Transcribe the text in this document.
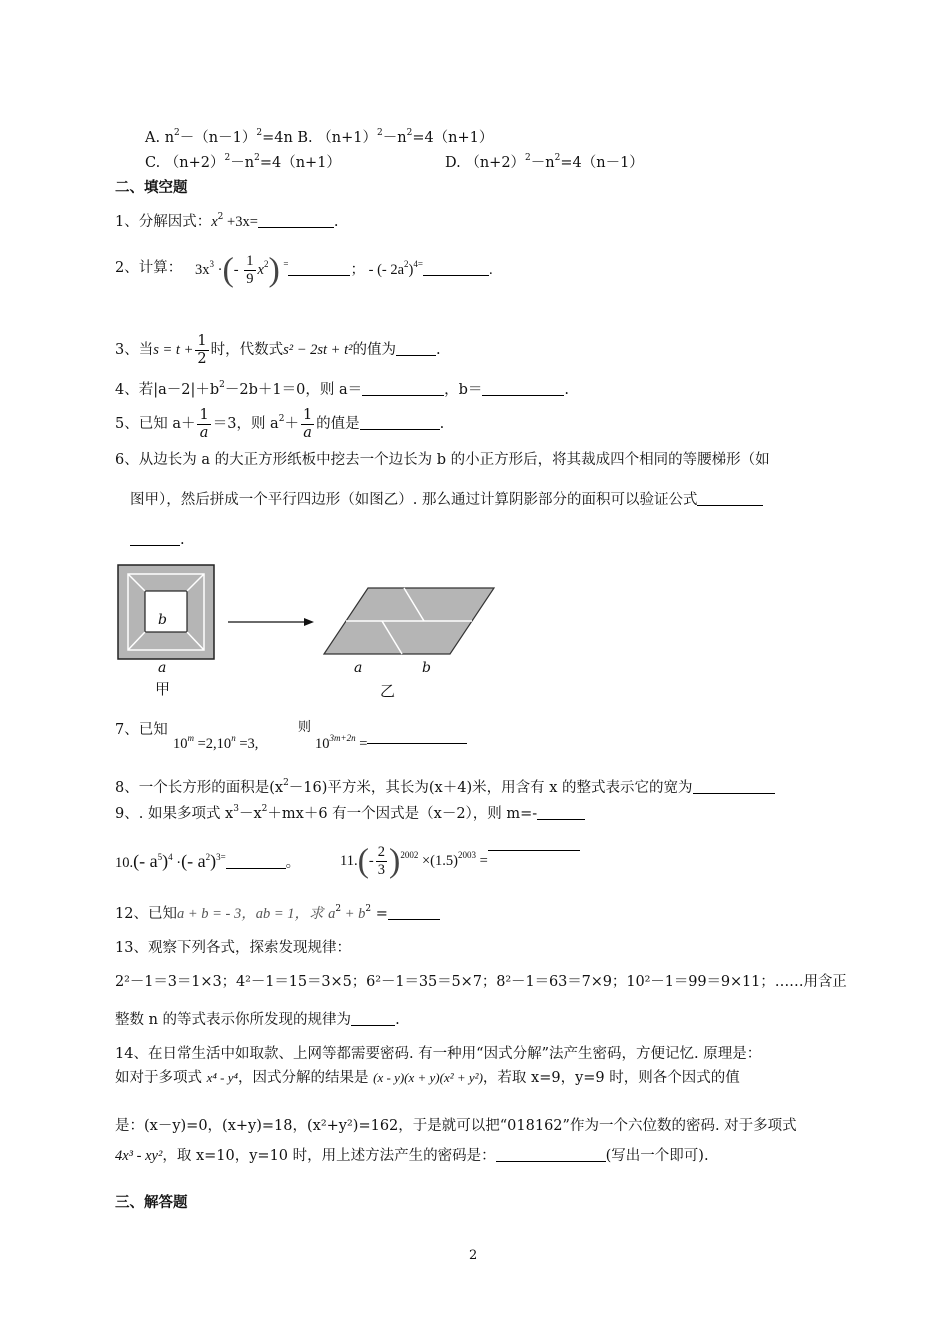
A. $n^2-(n-1)^2=4n$ B. $(n+1)^2-n^2=4(n+1)$
C. $(n+2)^2-n^2=4(n+1)$	D. $(n+2)^2-n^2=4(n-1)$
二、填空题
1、分解因式：$x^2 +3x=$	.
2、计算： $3x^3$ ·(- $\frac{1}{9} x^2$) =	； - (- $2a^2)^{4=}$	.
3、当$s = t + \frac{1}{2}$ 时，代数式s² − 2st + t²的值为	.
4、若$|a-2|+b^2-2b+1=0$，则 a＝	，b＝	.
5、已知 $a+ \frac{1}{a} =3$，则 $a^2+ \frac{1}{a}$ 的值是	.
6、从边长为 a 的大正方形纸板中挖去一个边长为 b 的小正方形后，将其裁成四个相同的等腰梯形（如
图甲），然后拼成一个平行四边形（如图乙）. 那么通过计算阴影部分的面积可以验证公式
.
b
a
甲
a	b
乙
7、已知
$10^m =2,10^n =3$,
则
$10^{3m+2n}$ =
8、一个长方形的面积是$(x^2-16)$平方米，其长为(x＋4)米，用含有 x 的整式表示它的宽为
9、. 如果多项式 $x^3-x^2+mx+6$ 有一个因式是（x－2），则 m=-
10.(- $a^5)^4$ ·(- $a^2)^{3=}$	。	$11.(- \frac{2}{3} )^{2002} \times(1.5)^{2003}$ =
12、已知a + b = - 3，ab = 1，求 $a^2 + b^2$ =
13、观察下列各式，探索发现规律：
2²－1＝3＝1×3；4²－1＝15＝3×5；6²－1＝35＝5×7；8²－1＝63＝7×9；10²－1＝99＝9×11；……用含正
整数 n 的等式表示你所发现的规律为	.
14、在日常生活中如取款、上网等都需要密码. 有一种用“因式分解”法产生密码，方便记忆. 原理是：
如对于多项式 x⁴ - y⁴，因式分解的结果是 (x - y)(x + y)(x² + y²)，若取 x=9，y=9 时，则各个因式的值
是：(x－y)=0，(x+y)=18，(x²+y²)=162，于是就可以把“018162”作为一个六位数的密码. 对于多项式
4x³ - xy²，取 x=10，y=10 时，用上述方法产生的密码是：	(写出一个即可).
三、解答题
2
